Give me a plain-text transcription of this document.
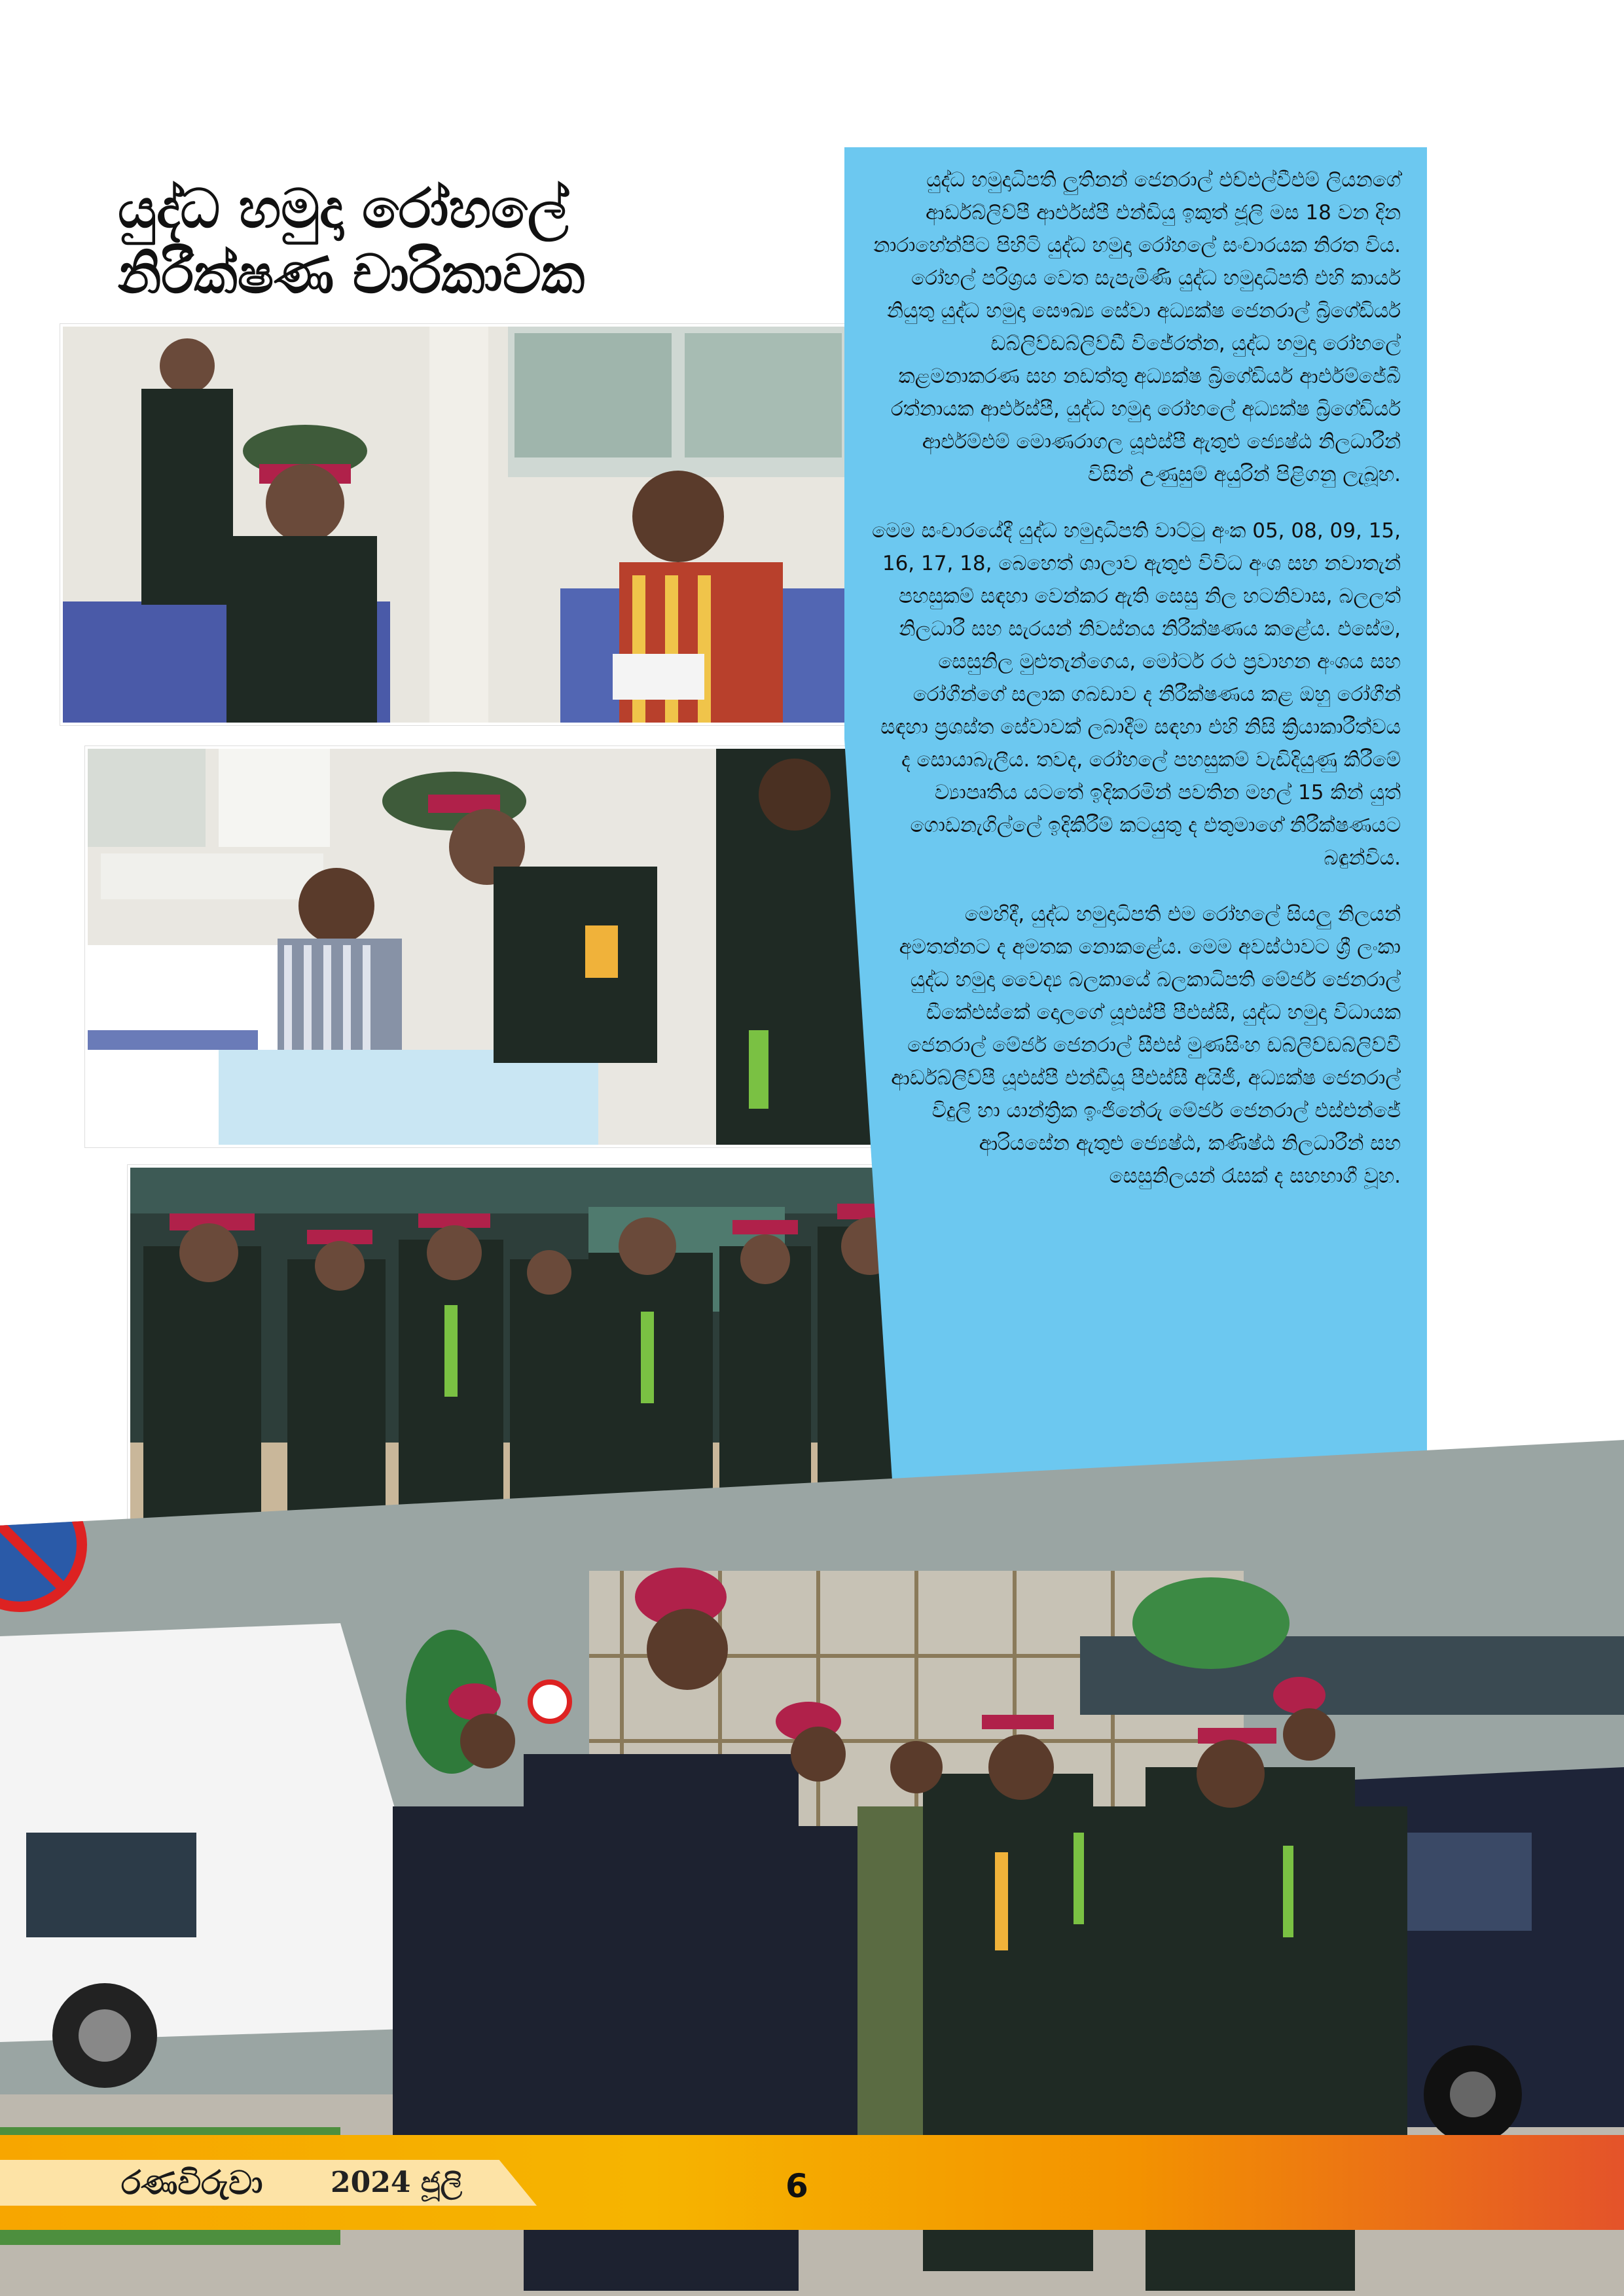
යුද්ධ හමුදා රෝහලේ
නිරීක්ෂණ චාරිකාවක

යුද්ධ හමුදාධිපති ලුතිනන් ජෙනරාල් එච්එල්වීඑම් ලියනගේ ආර්ඩබ්ලිව්පී ආර්එස්පී එන්ඩියු ඉකුත් ජූලි මස 18 වන දින නාරාහේන්පිට පිහිටි යුද්ධ හමුදා රෝහලේ සංචාරයක නිරත විය. රෝහල් පරිශ්‍රය වෙත සැපැමිණි යුද්ධ හමුදාධිපති එහි කාර්ය නියුතු යුද්ධ හමුදා සෞඛ්‍ය සේවා අධ්‍යක්ෂ ජෙනරාල් බ්‍රිගේඩියර් ඩබ්ලිව්ඩබ්ලිව්ඩී විජේරත්න, යුද්ධ හමුදා රෝහලේ කළමනාකරණ සහ නඩත්තු අධ්‍යක්ෂ බ්‍රිගේඩියර් ආර්එම්ජේබී රත්නායක ආර්එස්පී, යුද්ධ හමුදා රෝහලේ අධ්‍යක්ෂ බ්‍රිගේඩියර් ආර්එම්එම් මොණරාගල යූඑස්පී ඇතුළු ජ්‍යෙෂ්ඨ නිලධාරීන් විසින් උණුසුම් අයුරින් පිළිගනු ලැබූහ.

මෙම සංචාරයේදී යුද්ධ හමුදාධිපති වාට්ටු අංක 05, 08, 09, 15, 16, 17, 18, බෙහෙත් ශාලාව ඇතුළු විවිධ අංශ සහ නවාතැන් පහසුකම් සඳහා වෙන්කර ඇති සෙසු නිල හටනිවාස, බලලත් නිලධාරී සහ සැරයන් නිවස්නය නිරීක්ෂණය කළේය. එසේම, සෙසුනිල මුළුතැන්ගෙය, මෝටර් රථ ප්‍රවාහන අංශය සහ රෝගීන්ගේ සලාක ගබඩාව ද නිරීක්ෂණය කළ ඔහු රෝගීන් සඳහා ප්‍රශස්ත සේවාවක් ලබාදීම සඳහා එහි නිසි ක්‍රියාකාරීත්වය ද සොයාබැලීය. තවද, රෝහලේ පහසුකම් වැඩිදියුණු කිරීමේ ව්‍යාපෘතිය යටතේ ඉදිකරමින් පවතින මහල් 15 කින් යුත් ගොඩනැගිල්ලේ ඉදිකිරීම් කටයුතු ද එතුමාගේ නිරීක්ෂණයට බඳුන්විය.

මෙහිදී, යුද්ධ හමුදාධිපති එම රෝහලේ සියලු නිලයන් අමතන්නට ද අමතක නොකළේය. මෙම අවස්ථාවට ශ්‍රී ලංකා යුද්ධ හමුදා වෛද්‍ය බලකායේ බලකාධිපති මේජර් ජෙනරාල් ඩීකේඑස්කේ දොලගේ යූඑස්පී පීඑස්සී, යුද්ධ හමුදා විධායක ජෙනරාල් මේජර් ජෙනරාල් සීඑස් මුණසිංහ ඩබ්ලිව්ඩබ්ලිව්වී ආර්ඩබ්ලිව්පී යූඑස්පී එන්ඩීයූ පීඑස්සී අයිජී, අධ්‍යක්ෂ ජෙනරාල් විදුලි හා යාන්ත්‍රික ඉංජිනේරු මේජර් ජෙනරාල් එස්එන්ජේ ආරියසේන ඇතුළු ජ්‍යෙෂ්ඨ, කණිෂ්ඨ නිලධාරීන් සහ සෙසුනිලයන් රැසක් ද සහභාගී වූහ.

රණවිරුවා 2024 ජූලි	6
